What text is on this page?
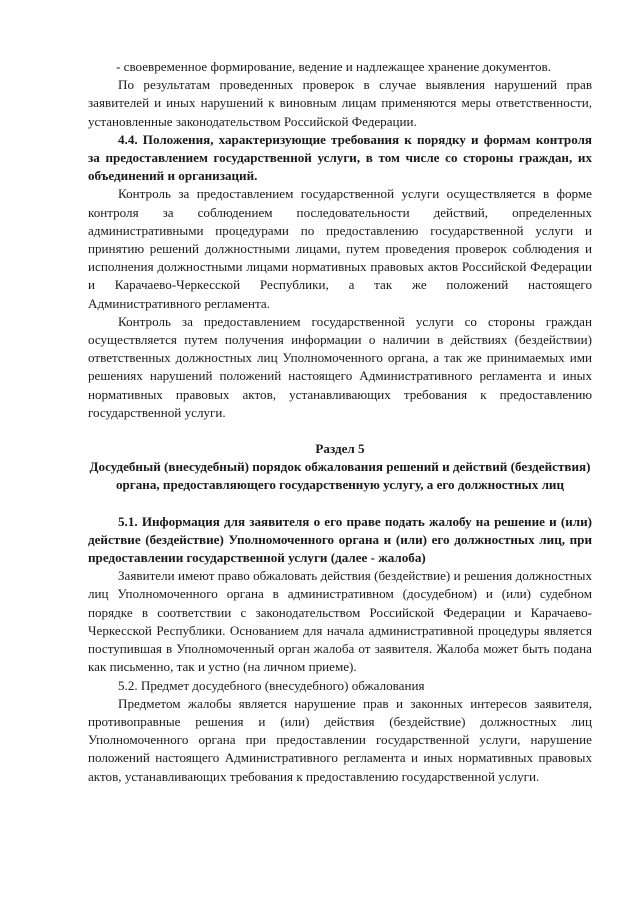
- своевременное формирование, ведение и надлежащее хранение документов.

По результатам проведенных проверок в случае выявления нарушений прав заявителей и иных нарушений к виновным лицам применяются меры ответственности, установленные законодательством Российской Федерации.

4.4. Положения, характеризующие требования к порядку и формам контроля за предоставлением государственной услуги, в том числе со стороны граждан, их объединений и организаций.

Контроль за предоставлением государственной услуги осуществляется в форме контроля за соблюдением последовательности действий, определенных административными процедурами по предоставлению государственной услуги и принятию решений должностными лицами, путем проведения проверок соблюдения и исполнения должностными лицами нормативных правовых актов Российской Федерации и Карачаево-Черкесской Республики, а так же положений настоящего Административного регламента.

Контроль за предоставлением государственной услуги со стороны граждан осуществляется путем получения информации о наличии в действиях (бездействии) ответственных должностных лиц Уполномоченного органа, а так же принимаемых ими решениях нарушений положений настоящего Административного регламента и иных нормативных правовых актов, устанавливающих требования к предоставлению государственной услуги.

Раздел 5

Досудебный (внесудебный) порядок обжалования решений и действий (бездействия) органа, предоставляющего государственную услугу, а его должностных лиц

5.1. Информация для заявителя о его праве подать жалобу на решение и (или) действие (бездействие) Уполномоченного органа и (или) его должностных лиц, при предоставлении государственной услуги (далее - жалоба)

Заявители имеют право обжаловать действия (бездействие) и решения должностных лиц Уполномоченного органа в административном (досудебном) и (или) судебном порядке в соответствии с законодательством Российской Федерации и Карачаево-Черкесской Республики. Основанием для начала административной процедуры является поступившая в Уполномоченный орган жалоба от заявителя. Жалоба может быть подана как письменно, так и устно (на личном приеме).

5.2. Предмет досудебного (внесудебного) обжалования

Предметом жалобы является нарушение прав и законных интересов заявителя, противоправные решения и (или) действия (бездействие) должностных лиц Уполномоченного органа при предоставлении государственной услуги, нарушение положений настоящего Административного регламента и иных нормативных правовых актов, устанавливающих требования к предоставлению государственной услуги.
